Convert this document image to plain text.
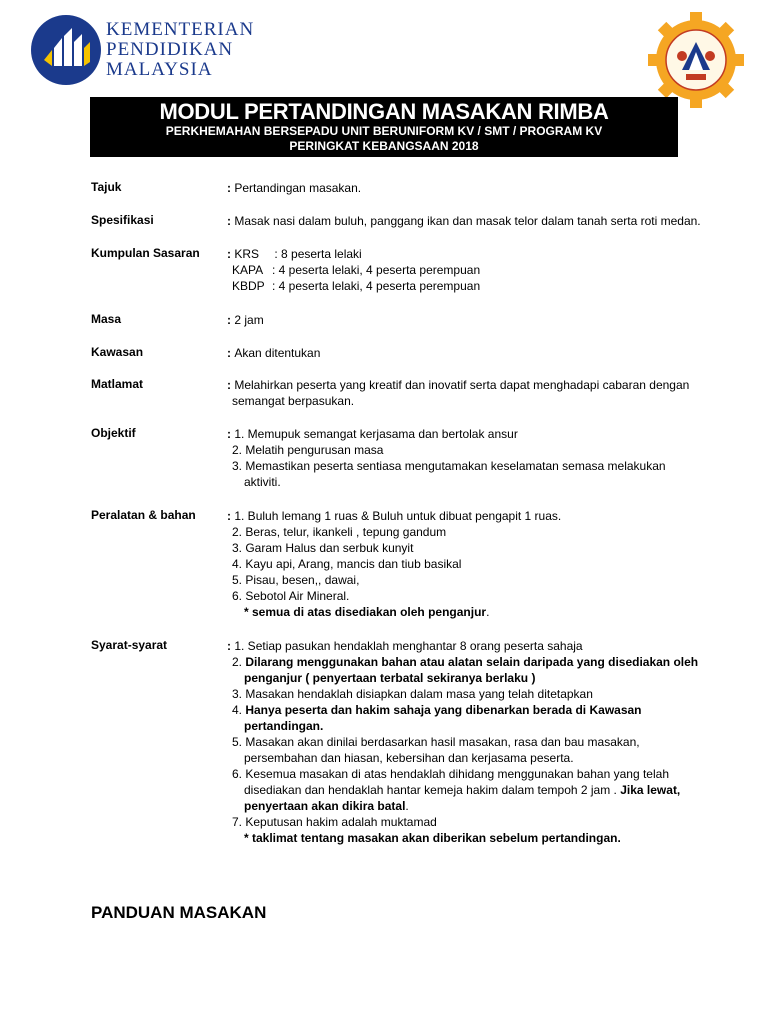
KEMENTERIAN
PENDIDIKAN
MALAYSIA
MODUL PERTANDINGAN MASAKAN RIMBA
PERKHEMAHAN BERSEPADU UNIT BERUNIFORM KV / SMT / PROGRAM KV
PERINGKAT KEBANGSAAN 2018
Tajuk	: Pertandingan masakan.
Spesifikasi	: Masak nasi dalam buluh, panggang ikan dan masak telor dalam tanah serta roti medan.
Kumpulan Sasaran : KRS : 8 peserta lelaki
KAPA : 4 peserta lelaki, 4 peserta perempuan
KBDP : 4 peserta lelaki, 4 peserta perempuan
Masa	: 2 jam
Kawasan	: Akan ditentukan
Matlamat	: Melahirkan peserta yang kreatif dan inovatif serta dapat menghadapi cabaran dengan
semangat berpasukan.
Objektif	: 1. Memupuk semangat kerjasama dan bertolak ansur
2. Melatih pengurusan masa
3. Memastikan peserta sentiasa mengutamakan keselamatan semasa melakukan
aktiviti.
Peralatan & bahan	: 1. Buluh lemang 1 ruas & Buluh untuk dibuat pengapit 1 ruas.
2. Beras, telur, ikankeli , tepung gandum
3. Garam Halus dan serbuk kunyit
4. Kayu api, Arang, mancis dan tiub basikal
5. Pisau, besen,, dawai,
6. Sebotol Air Mineral.
* semua di atas disediakan oleh penganjur.
Syarat-syarat	: 1. Setiap pasukan hendaklah menghantar 8 orang peserta sahaja
2. Dilarang menggunakan bahan atau alatan selain daripada yang disediakan oleh
penganjur ( penyertaan terbatal sekiranya berlaku )
3. Masakan hendaklah disiapkan dalam masa yang telah ditetapkan
4. Hanya peserta dan hakim sahaja yang dibenarkan berada di Kawasan
pertandingan.
5. Masakan akan dinilai berdasarkan hasil masakan, rasa dan bau masakan,
persembahan dan hiasan, kebersihan dan kerjasama peserta.
6. Kesemua masakan di atas hendaklah dihidang menggunakan bahan yang telah
disediakan dan hendaklah hantar kemeja hakim dalam tempoh 2 jam . Jika lewat,
penyertaan akan dikira batal.
7. Keputusan hakim adalah muktamad
* taklimat tentang masakan akan diberikan sebelum pertandingan.
PANDUAN MASAKAN
